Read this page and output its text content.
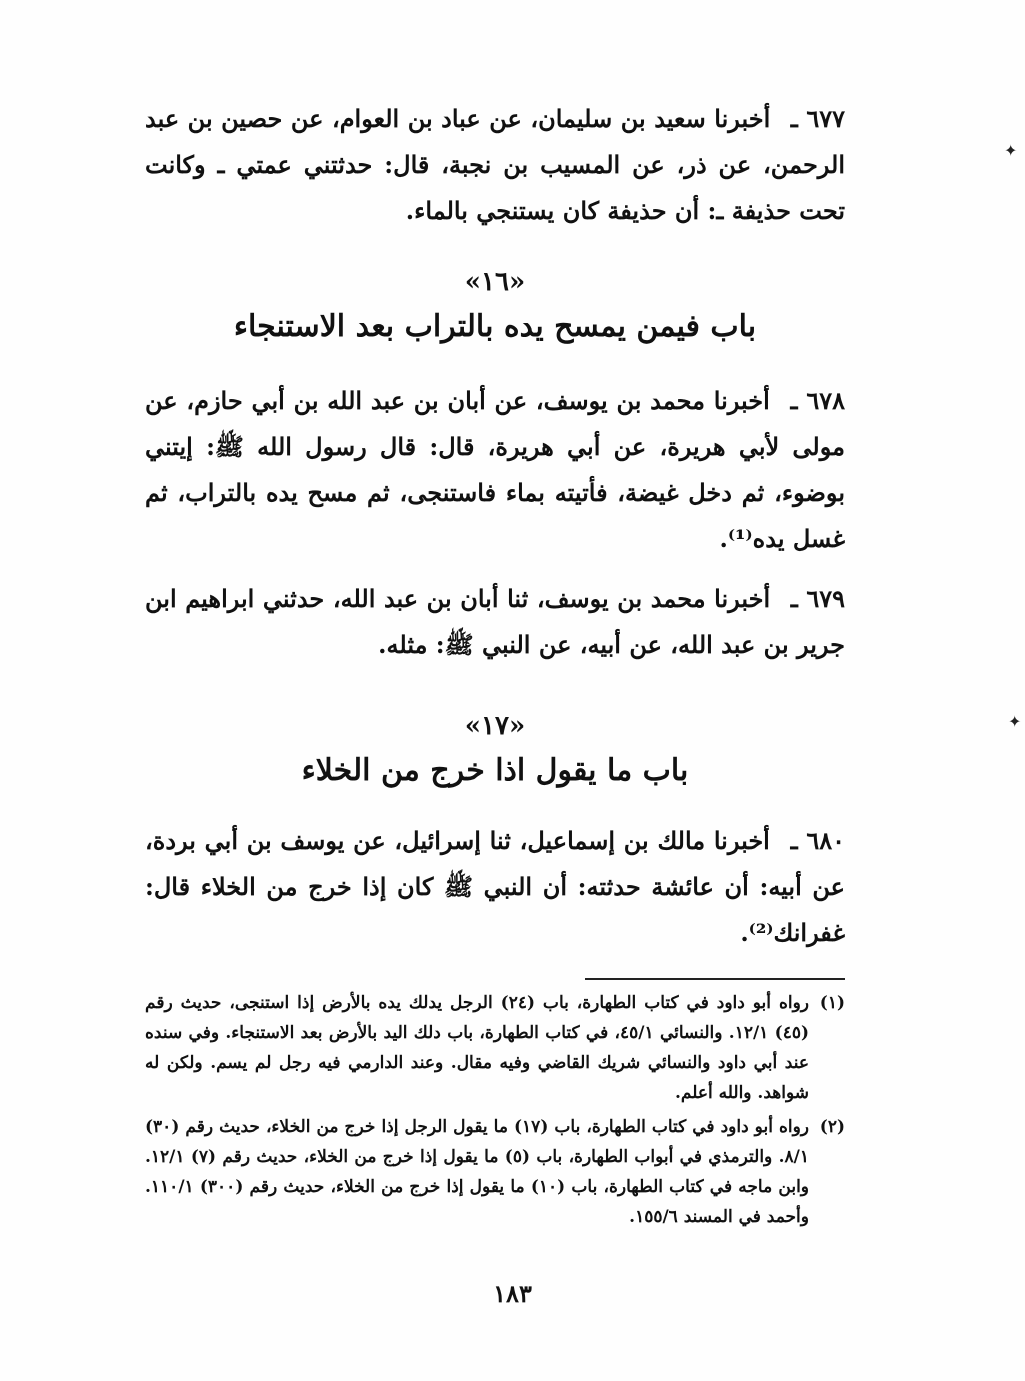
✦
✦

٦٧٧ ـ أخبرنا سعيد بن سليمان، عن عباد بن العوام، عن حصين بن عبد الرحمن، عن ذر، عن المسيب بن نجبة، قال: حدثتني عمتي ـ وكانت تحت حذيفة ـ: أن حذيفة كان يستنجي بالماء.

«١٦»

باب فيمن يمسح يده بالتراب بعد الاستنجاء

٦٧٨ ـ أخبرنا محمد بن يوسف، عن أبان بن عبد الله بن أبي حازم، عن مولى لأبي هريرة، عن أبي هريرة، قال: قال رسول الله ﷺ: إيتني بوضوء، ثم دخل غيضة، فأتيته بماء فاستنجى، ثم مسح يده بالتراب، ثم غسل يده⁽¹⁾.

٦٧٩ ـ أخبرنا محمد بن يوسف، ثنا أبان بن عبد الله، حدثني ابراهيم ابن جرير بن عبد الله، عن أبيه، عن النبي ﷺ: مثله.

«١٧»

باب ما يقول اذا خرج من الخلاء

٦٨٠ ـ أخبرنا مالك بن إسماعيل، ثنا إسرائيل، عن يوسف بن أبي بردة، عن أبيه: أن عائشة حدثته: أن النبي ﷺ كان إذا خرج من الخلاء قال: غفرانك⁽²⁾.

(١)رواه أبو داود في كتاب الطهارة، باب (٢٤) الرجل يدلك يده بالأرض إذا استنجى، حديث رقم (٤٥) ١٢/١. والنسائي ٤٥/١، في كتاب الطهارة، باب دلك اليد بالأرض بعد الاستنجاء. وفي سنده عند أبي داود والنسائي شريك القاضي وفيه مقال. وعند الدارمي فيه رجل لم يسم. ولكن له شواهد. والله أعلم.

(٢)رواه أبو داود في كتاب الطهارة، باب (١٧) ما يقول الرجل إذا خرج من الخلاء، حديث رقم (٣٠) ٨/١. والترمذي في أبواب الطهارة، باب (٥) ما يقول إذا خرج من الخلاء، حديث رقم (٧) ١٢/١. وابن ماجه في كتاب الطهارة، باب (١٠) ما يقول إذا خرج من الخلاء، حديث رقم (٣٠٠) ١١٠/١. وأحمد في المسند ١٥٥/٦.

١٨٣
